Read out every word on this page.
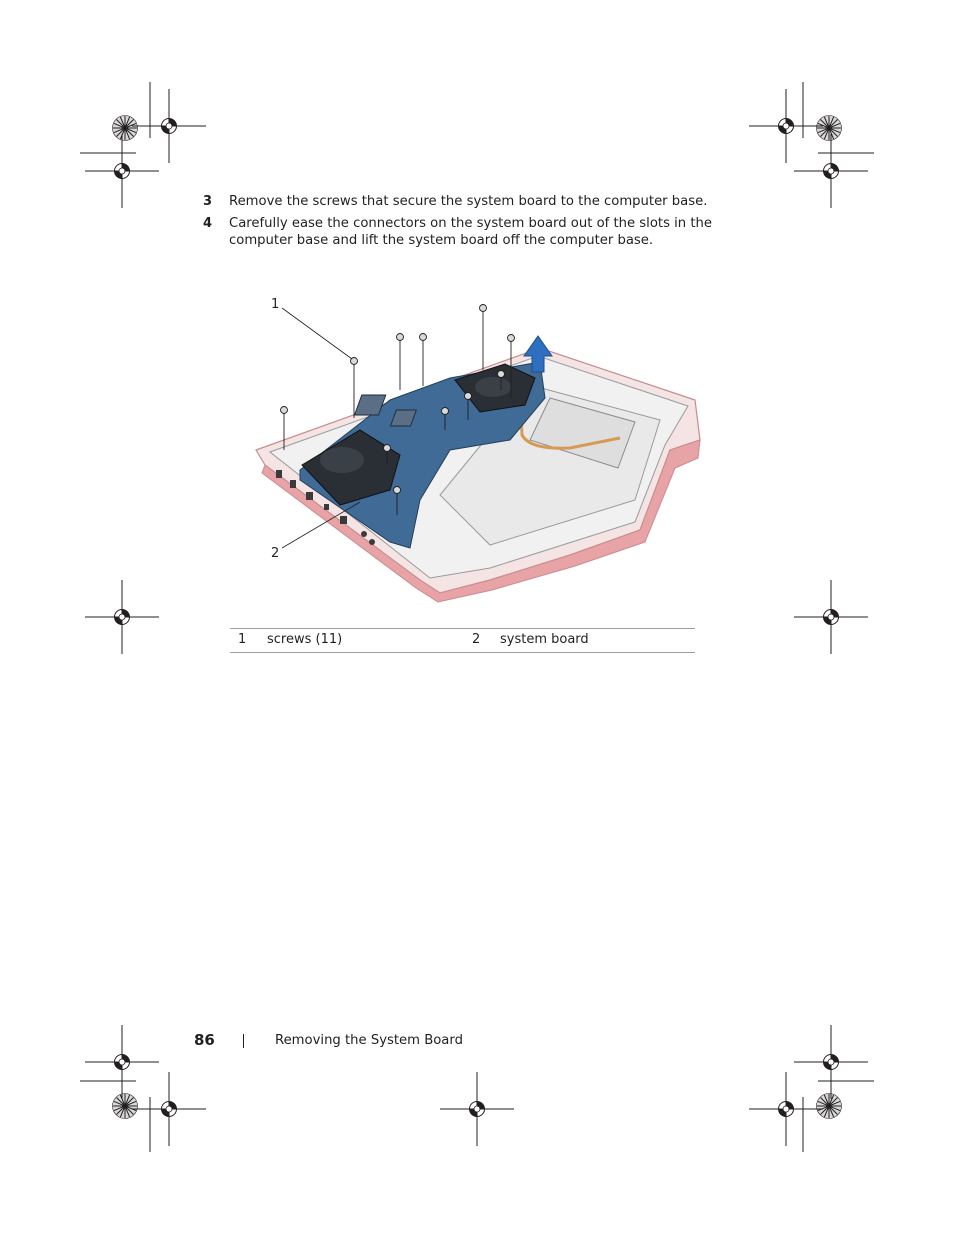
3 Remove the screws that secure the system board to the computer base.
4 Carefully ease the connectors on the system board out of the slots in the computer base and lift the system board off the computer base.
1
2
1 screws (11)	2 system board
86	Removing the System Board
